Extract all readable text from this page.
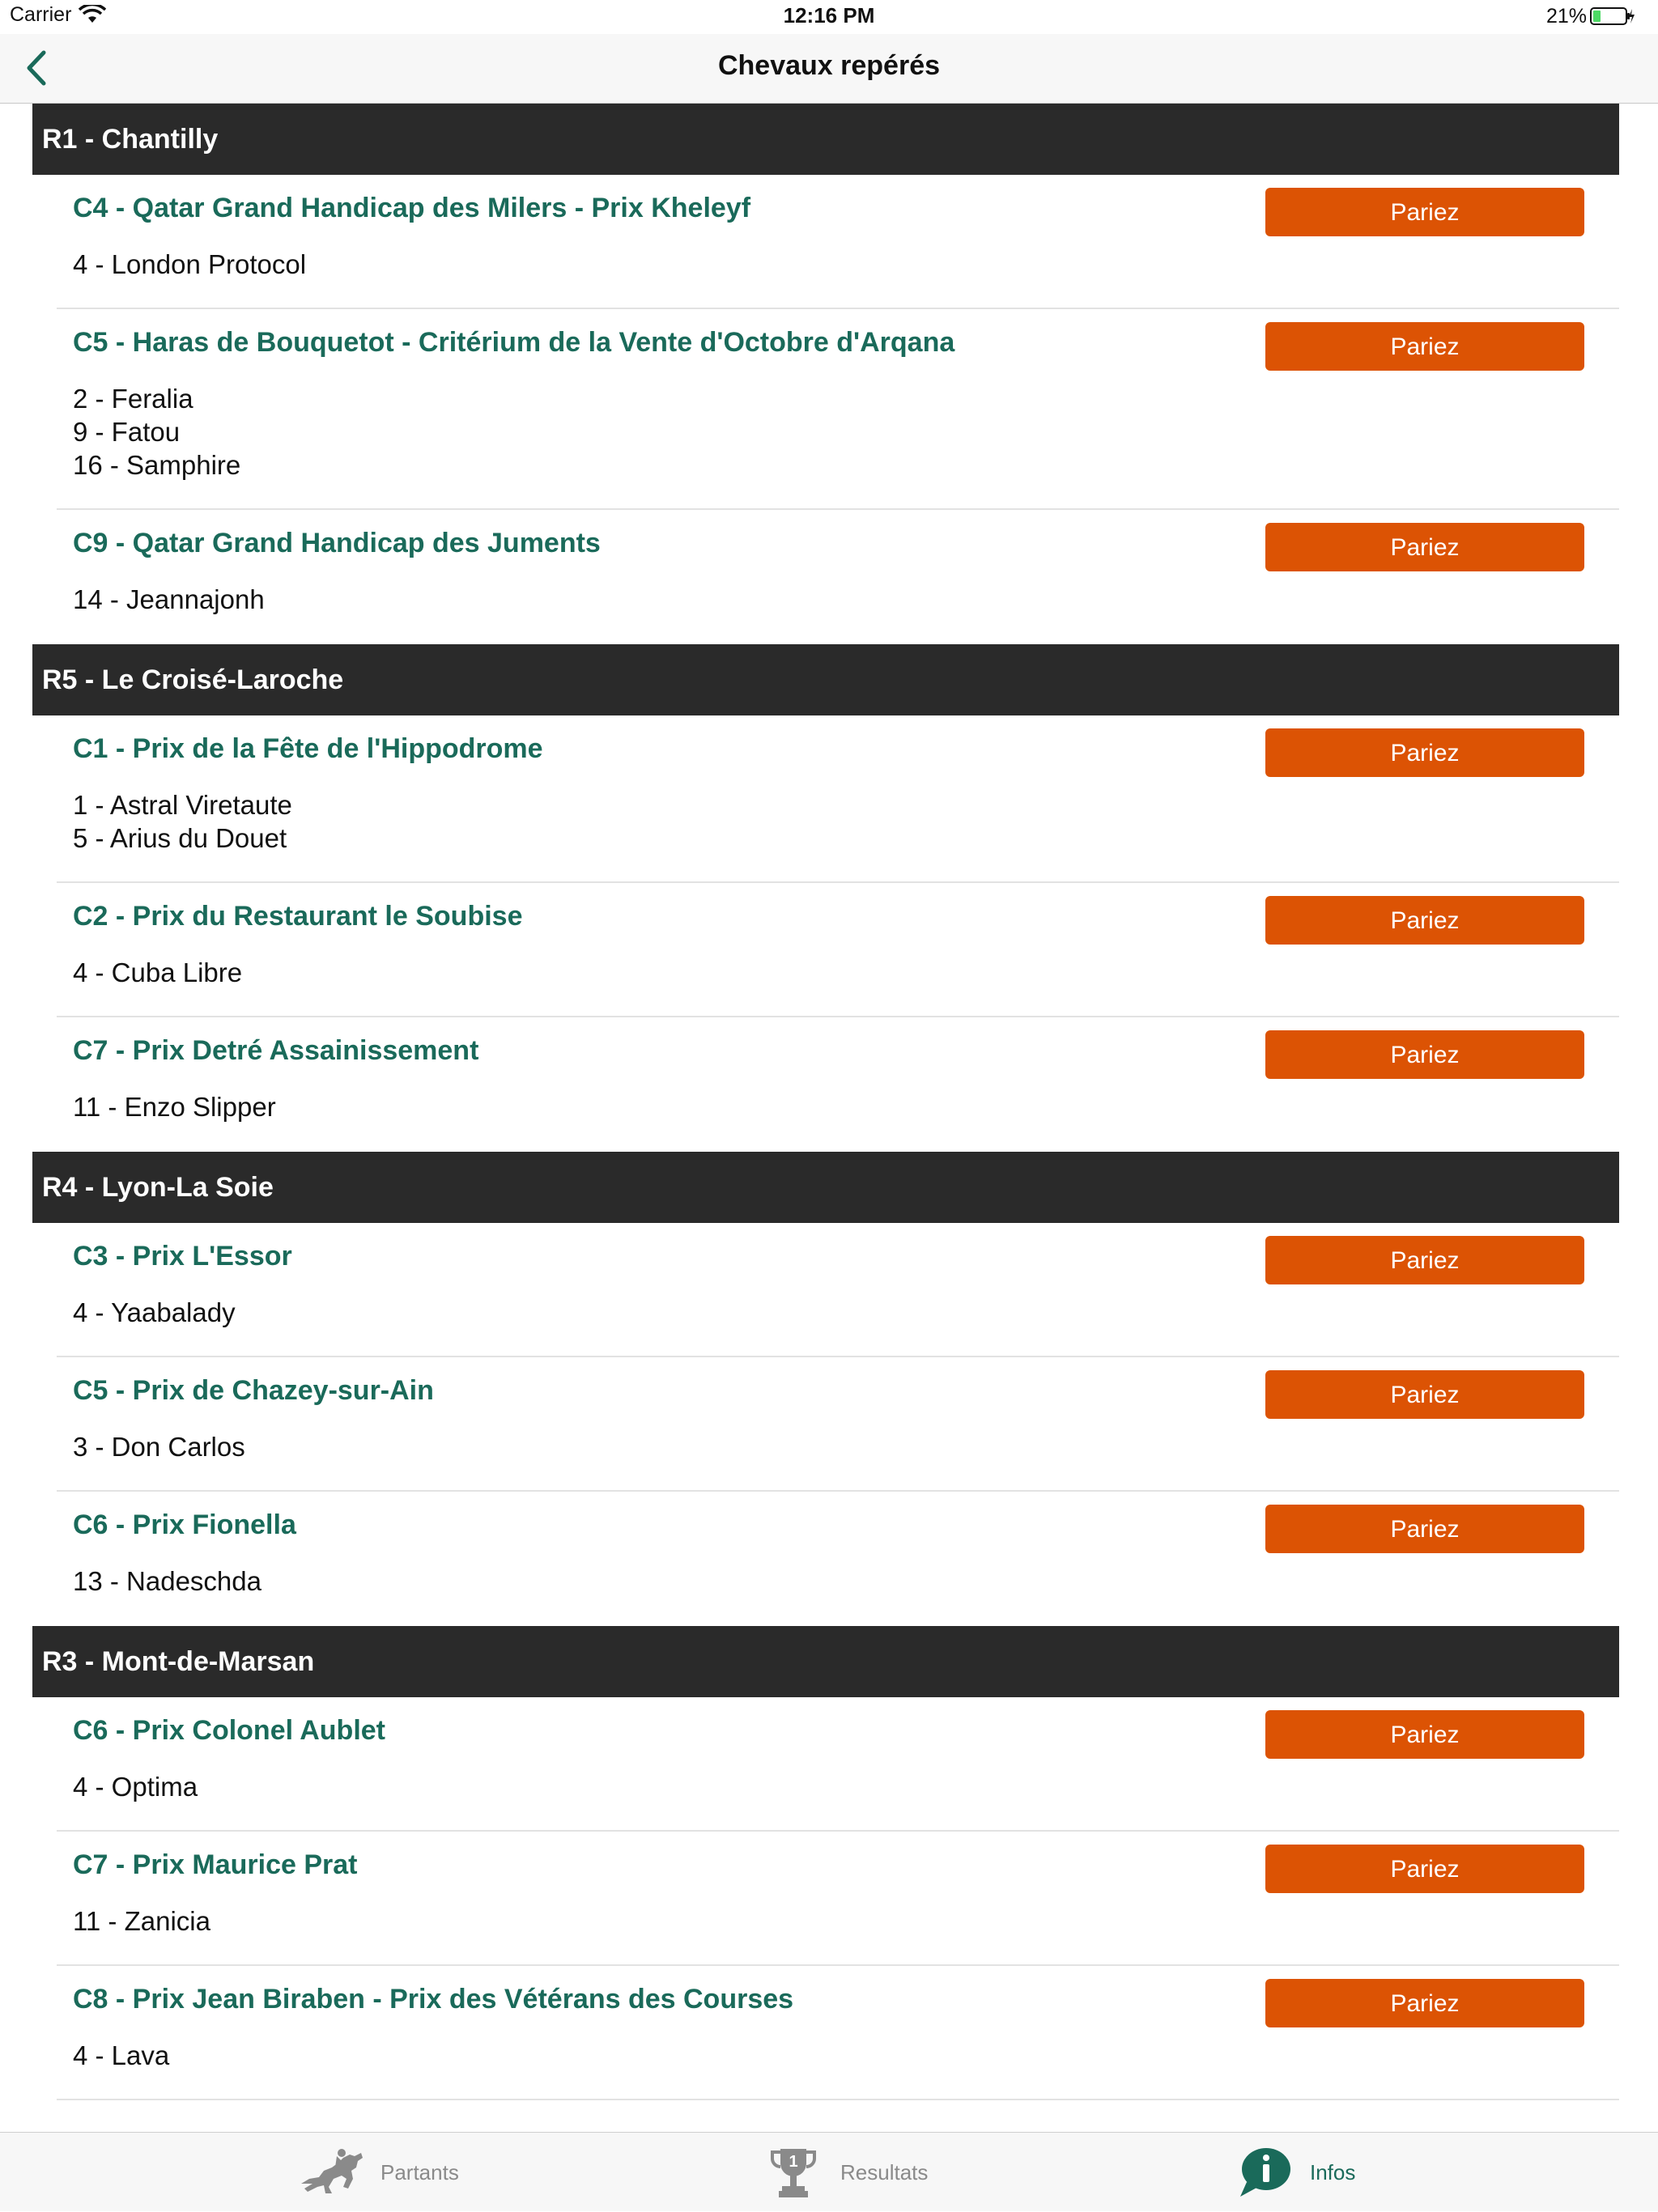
Carrier	12:16 PM	21%
Chevaux repérés
R1 - Chantilly
C4 - Qatar Grand Handicap des Milers - Prix Kheleyf	Pariez
4 - London Protocol
C5 - Haras de Bouquetot - Critérium de la Vente d'Octobre d'Arqana	Pariez
2 - Feralia
9 - Fatou
16 - Samphire
C9 - Qatar Grand Handicap des Juments	Pariez
14 - Jeannajonh
R5 - Le Croisé-Laroche
C1 - Prix de la Fête de l'Hippodrome	Pariez
1 - Astral Viretaute
5 - Arius du Douet
C2 - Prix du Restaurant le Soubise	Pariez
4 - Cuba Libre
C7 - Prix Detré Assainissement	Pariez
11 - Enzo Slipper
R4 - Lyon-La Soie
C3 - Prix L'Essor	Pariez
4 - Yaabalady
C5 - Prix de Chazey-sur-Ain	Pariez
3 - Don Carlos
C6 - Prix Fionella	Pariez
13 - Nadeschda
R3 - Mont-de-Marsan
C6 - Prix Colonel Aublet	Pariez
4 - Optima
C7 - Prix Maurice Prat	Pariez
11 - Zanicia
C8 - Prix Jean Biraben - Prix des Vétérans des Courses	Pariez
4 - Lava
Partants	1 Resultats	Infos
